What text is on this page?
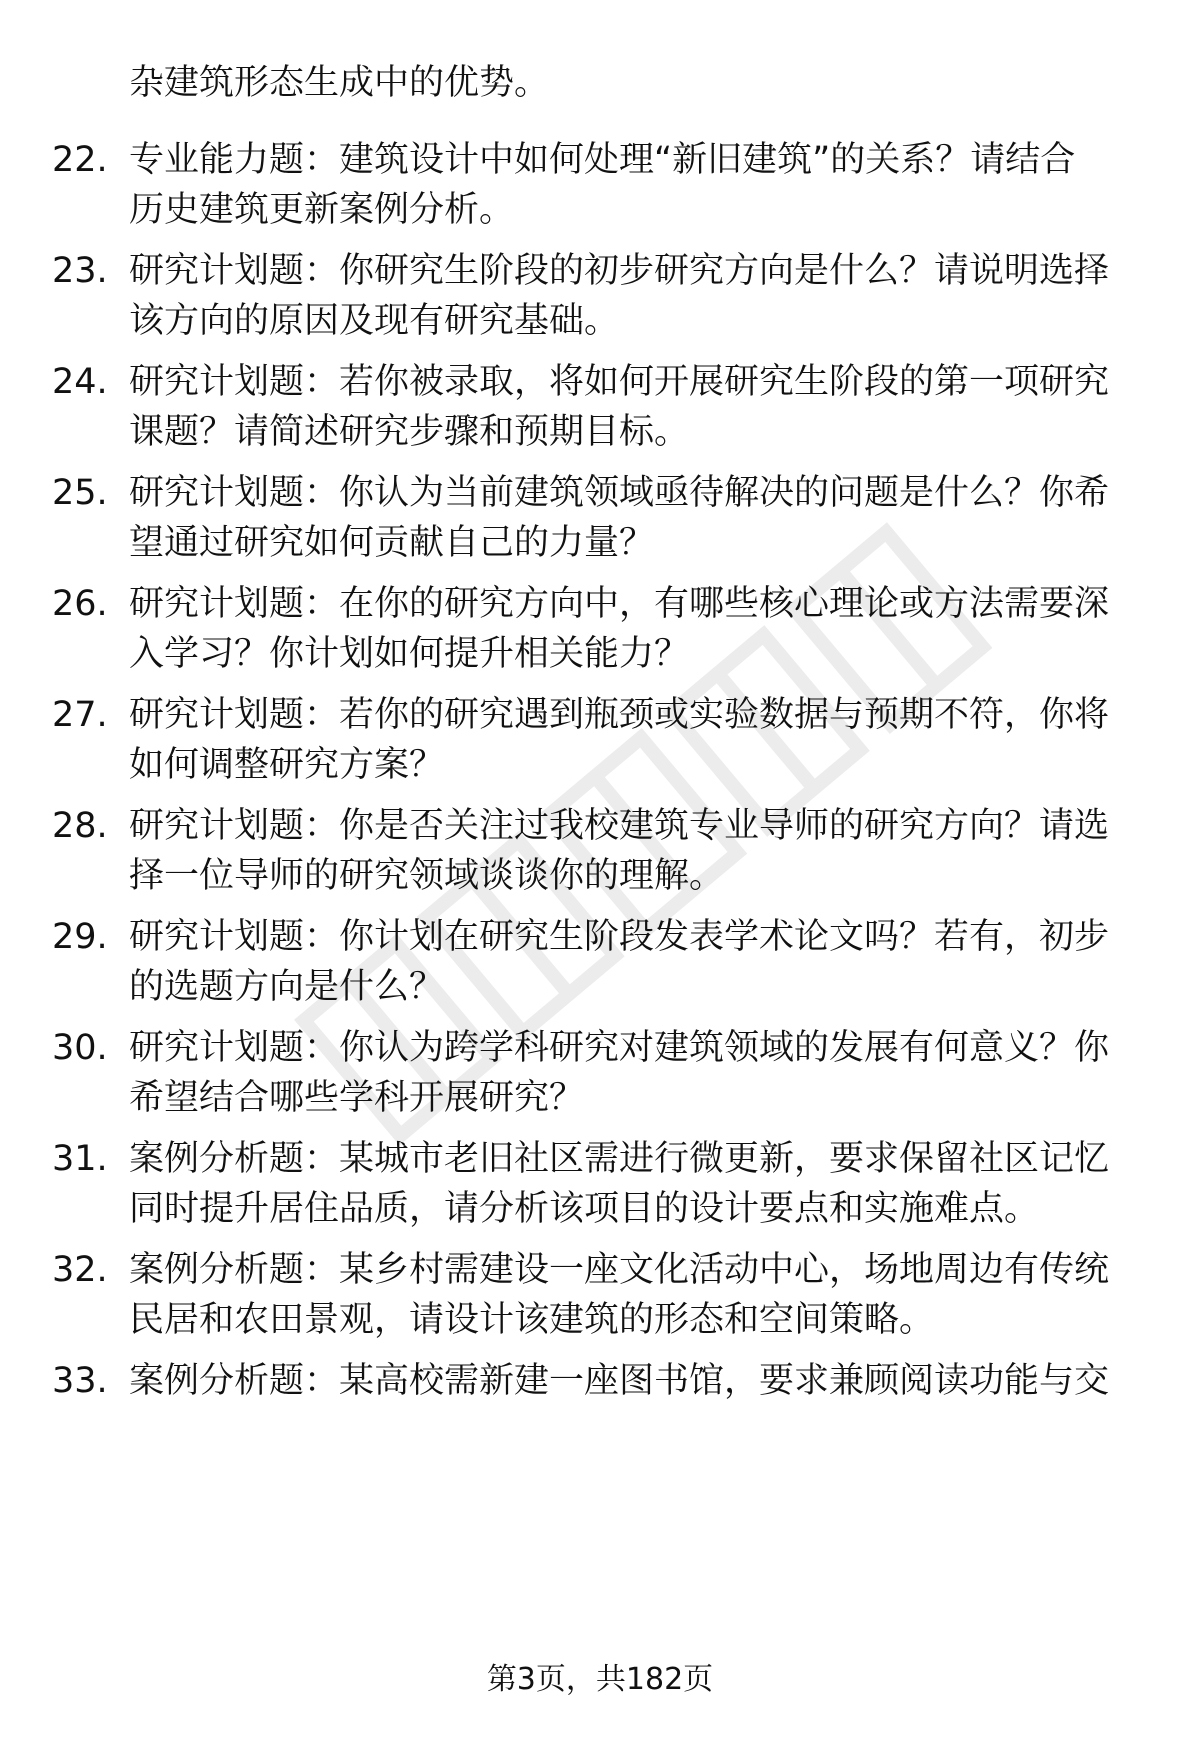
杂建筑形态生成中的优势。
22. 专业能力题：建筑设计中如何处理“新旧建筑”的关系？请结合
历史建筑更新案例分析。
23. 研究计划题：你研究生阶段的初步研究方向是什么？请说明选择
该方向的原因及现有研究基础。
24. 研究计划题：若你被录取，将如何开展研究生阶段的第一项研究
课题？请简述研究步骤和预期目标。
25. 研究计划题：你认为当前建筑领域亟待解决的问题是什么？你希
望通过研究如何贡献自己的力量？
26. 研究计划题：在你的研究方向中，有哪些核心理论或方法需要深
入学习？你计划如何提升相关能力？
27. 研究计划题：若你的研究遇到瓶颈或实验数据与预期不符，你将
如何调整研究方案？
28. 研究计划题：你是否关注过我校建筑专业导师的研究方向？请选
择一位导师的研究领域谈谈你的理解。
29. 研究计划题：你计划在研究生阶段发表学术论文吗？若有，初步
的选题方向是什么？
30. 研究计划题：你认为跨学科研究对建筑领域的发展有何意义？你
希望结合哪些学科开展研究？
31. 案例分析题：某城市老旧社区需进行微更新，要求保留社区记忆
同时提升居住品质，请分析该项目的设计要点和实施难点。
32. 案例分析题：某乡村需建设一座文化活动中心，场地周边有传统
民居和农田景观，请设计该建筑的形态和空间策略。
33. 案例分析题：某高校需新建一座图书馆，要求兼顾阅读功能与交
第3页，共182页
